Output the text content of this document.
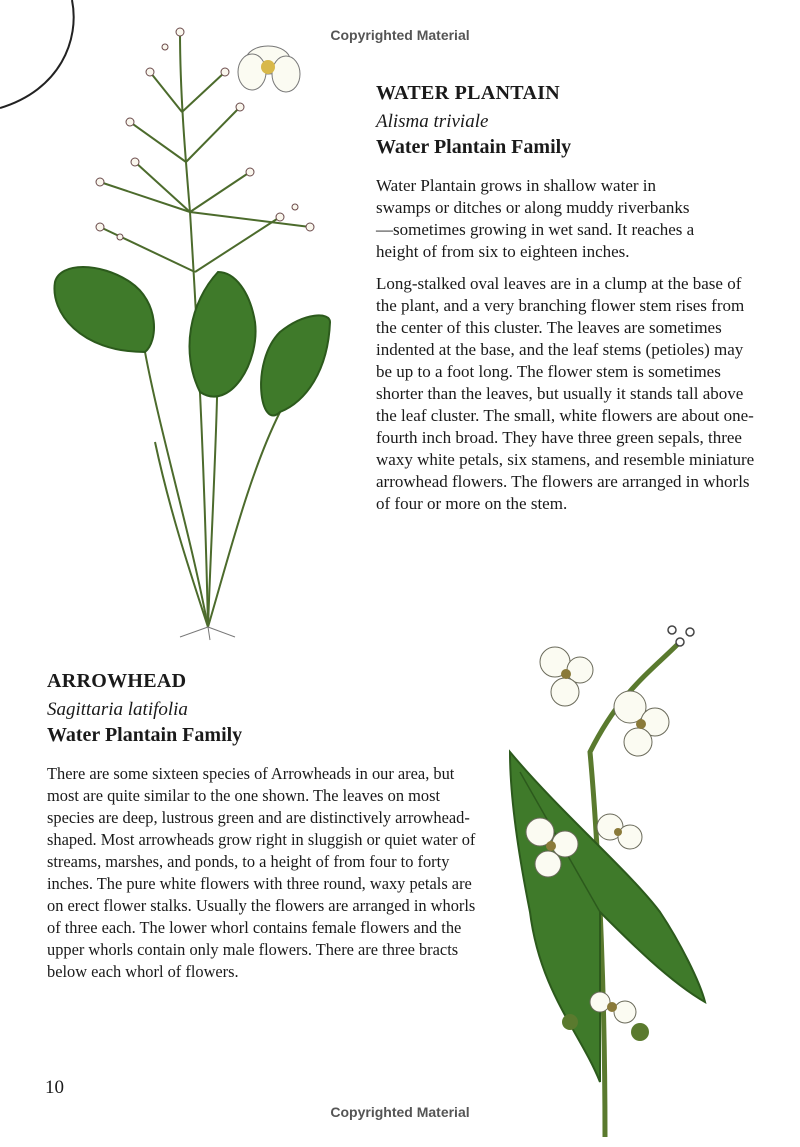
Copyrighted Material
WATER PLANTAIN
Alisma triviale
Water Plantain Family

Water Plantain grows in shallow water in swamps or ditches or along muddy riverbanks—sometimes growing in wet sand. It reaches a height of from six to eighteen inches.

Long-stalked oval leaves are in a clump at the base of the plant, and a very branching flower stem rises from the center of this cluster. The leaves are sometimes indented at the base, and the leaf stems (petioles) may be up to a foot long. The flower stem is sometimes shorter than the leaves, but usually it stands tall above the leaf cluster. The small, white flowers are about one-fourth inch broad. They have three green sepals, three waxy white petals, six stamens, and resemble miniature arrowhead flowers. The flowers are arranged in whorls of four or more on the stem.

ARROWHEAD
Sagittaria latifolia
Water Plantain Family

There are some sixteen species of Arrowheads in our area, but most are quite similar to the one shown. The leaves on most species are deep, lustrous green and are distinctively arrowhead-shaped. Most arrowheads grow right in sluggish or quiet water of streams, marshes, and ponds, to a height of from four to forty inches. The pure white flowers with three round, waxy petals are on erect flower stalks. Usually the flowers are arranged in whorls of three each. The lower whorl contains female flowers and the upper whorls contain only male flowers. There are three bracts below each whorl of flowers.

10
Copyrighted Material
